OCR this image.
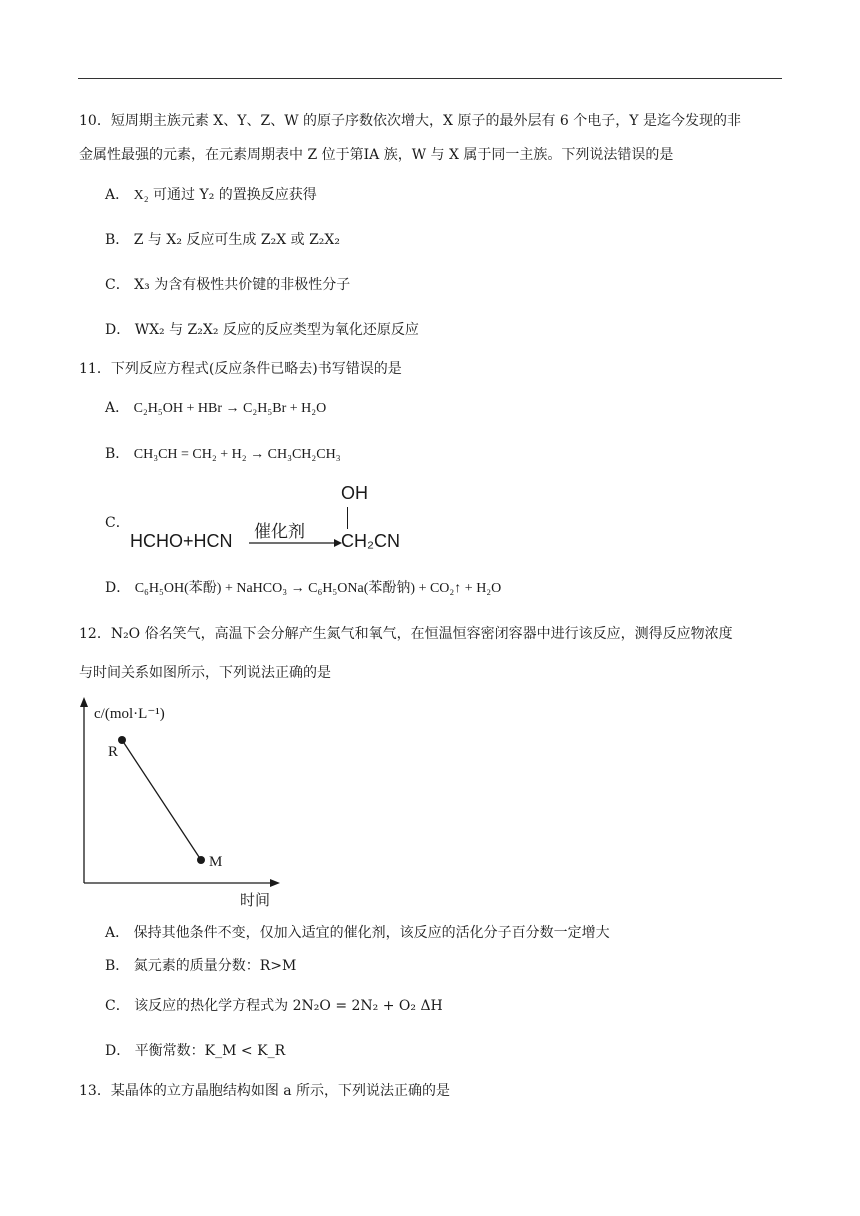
10．短周期主族元素 X、Y、Z、W 的原子序数依次增大，X 原子的最外层有 6 个电子，Y 是迄今发现的非
金属性最强的元素，在元素周期表中 Z 位于第ⅠA 族，W 与 X 属于同一主族。下列说法错误的是
A． X₂ 可通过 Y₂ 的置换反应获得
B． Z 与 X₂ 反应可生成 Z₂X 或 Z₂X₂
C． X₃ 为含有极性共价键的非极性分子
D． WX₂ 与 Z₂X₂ 反应的反应类型为氧化还原反应
11．下列反应方程式(反应条件已略去)书写错误的是
A． C₂H₅OH + HBr → C₂H₅Br + H₂O
B． CH₃CH = CH₂ + H₂ → CH₃CH₂CH₃
C．
HCHO+HCN 催化剂
OH
CH₂CN
D． C₆H₅OH(苯酚) + NaHCO₃ → C₆H₅ONa(苯酚钠) + CO₂↑ + H₂O
12．N₂O 俗名笑气，高温下会分解产生氮气和氧气，在恒温恒容密闭容器中进行该反应，测得反应物浓度
与时间关系如图所示，下列说法正确的是
R
M
c/(mol·L⁻¹)
时间
A． 保持其他条件不变，仅加入适宜的催化剂，该反应的活化分子百分数一定增大
B． 氮元素的质量分数：R>M
C． 该反应的热化学方程式为 2N₂O = 2N₂ + O₂ ΔH
D． 平衡常数：K_M < K_R
13．某晶体的立方晶胞结构如图 a 所示，下列说法正确的是
